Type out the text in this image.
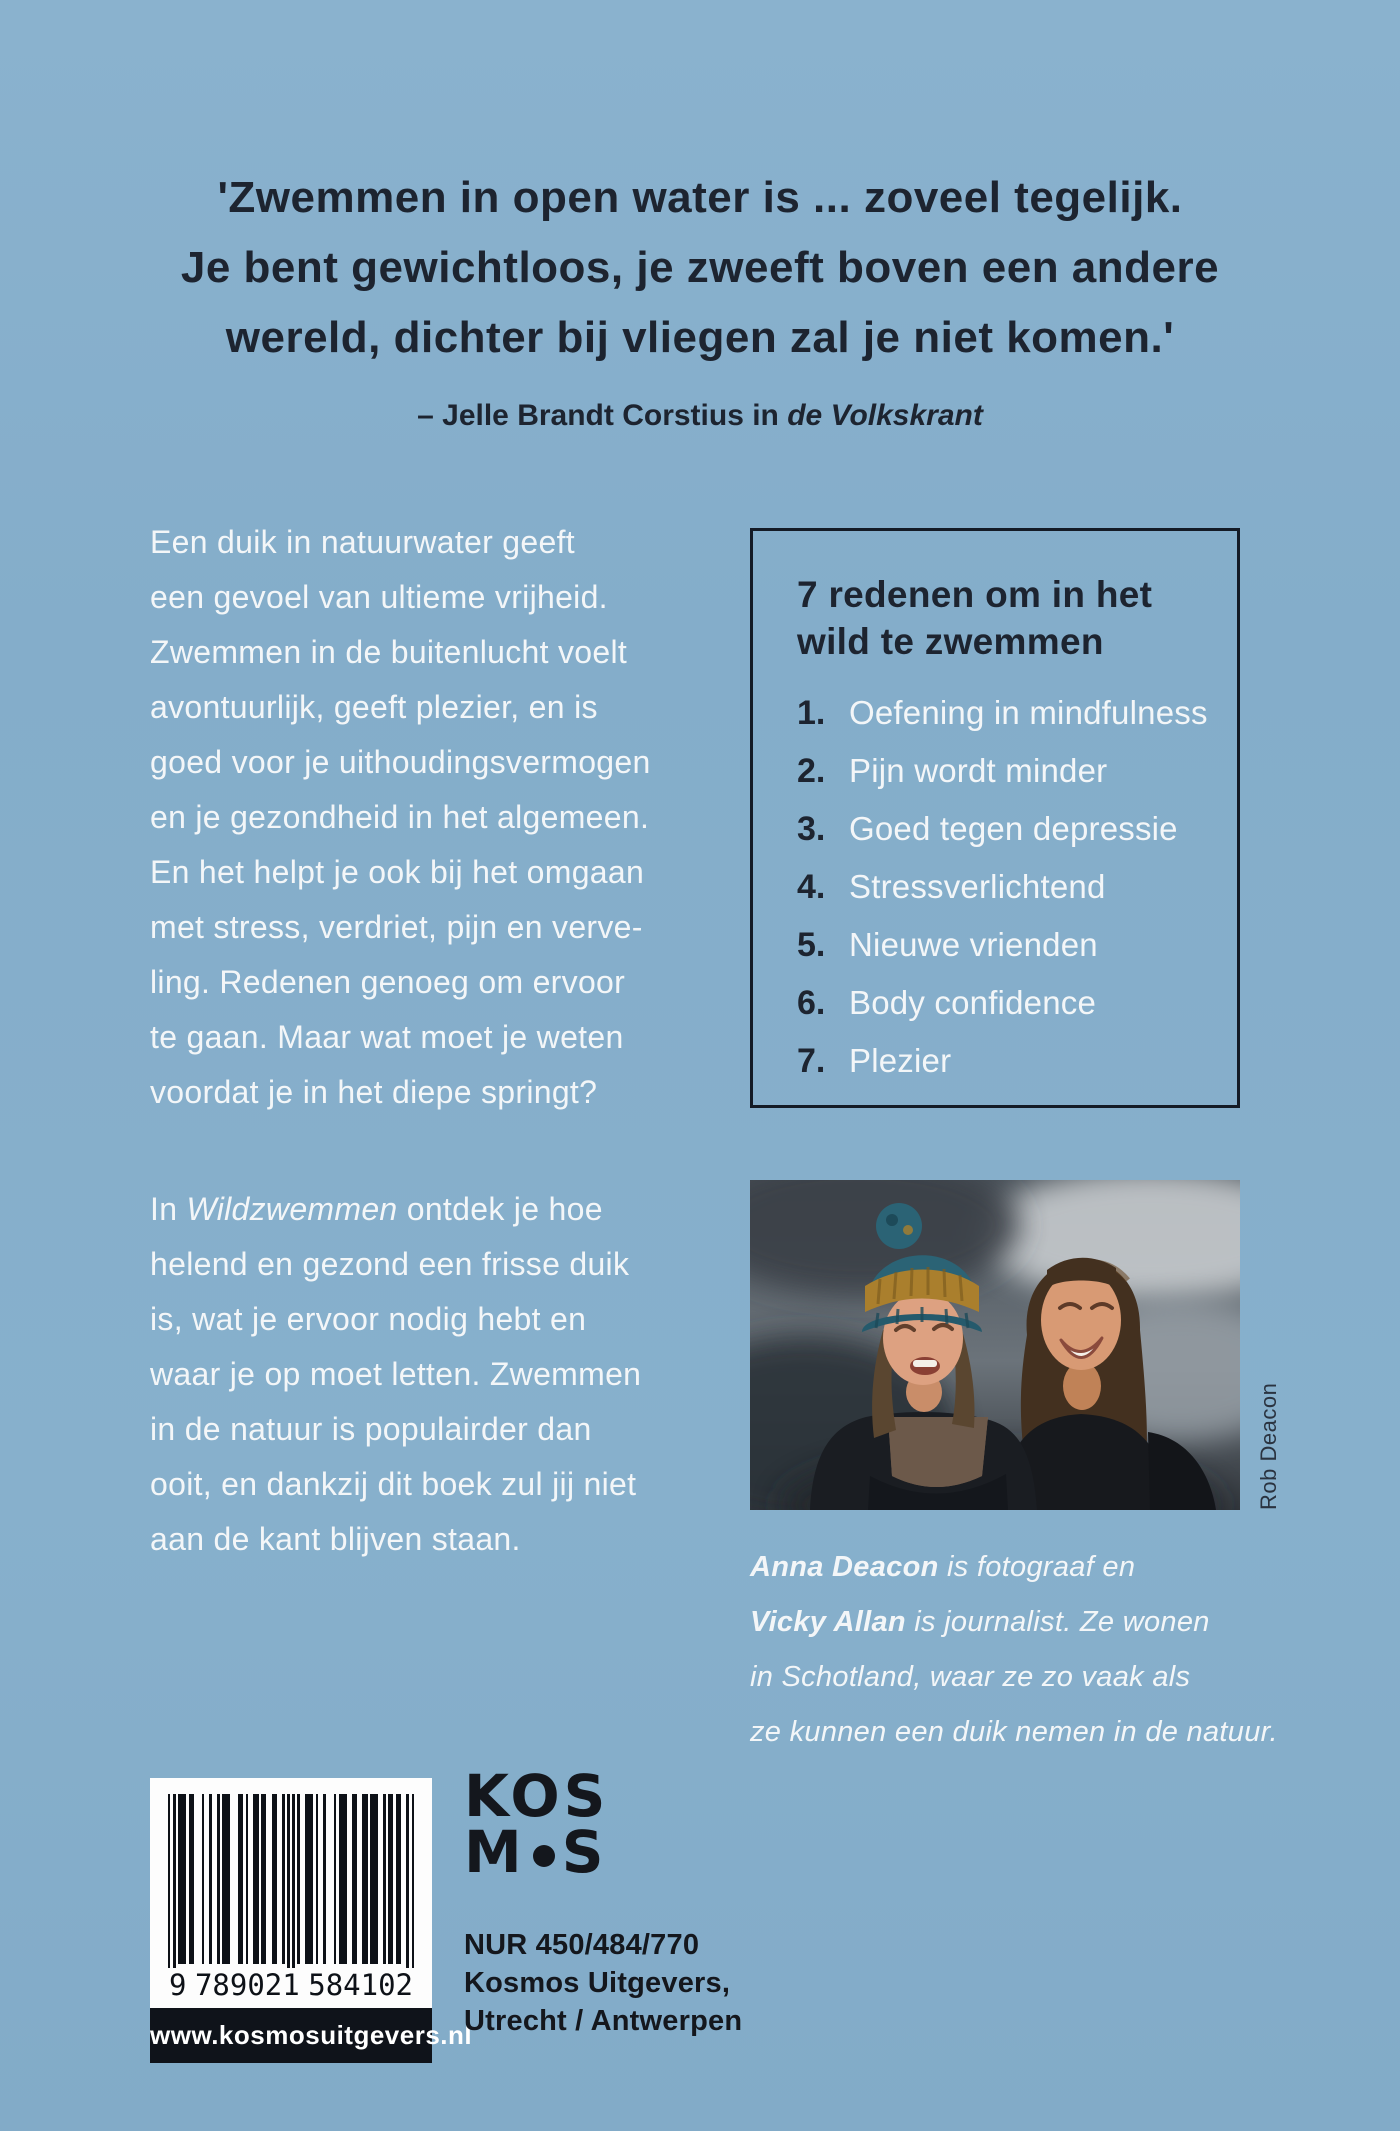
'Zwemmen in open water is ... zoveel tegelijk.
Je bent gewichtloos, je zweeft boven een andere
wereld, dichter bij vliegen zal je niet komen.'
– Jelle Brandt Corstius in de Volkskrant
Een duik in natuurwater geeft
een gevoel van ultieme vrijheid.
Zwemmen in de buitenlucht voelt
avontuurlijk, geeft plezier, en is
goed voor je uithoudingsvermogen
en je gezondheid in het algemeen.
En het helpt je ook bij het omgaan
met stress, verdriet, pijn en verve-
ling. Redenen genoeg om ervoor
te gaan. Maar wat moet je weten
voordat je in het diepe springt?
In Wildzwemmen ontdek je hoe
helend en gezond een frisse duik
is, wat je ervoor nodig hebt en
waar je op moet letten. Zwemmen
in de natuur is populairder dan
ooit, en dankzij dit boek zul jij niet
aan de kant blijven staan.
7 redenen om in het
wild te zwemmen
1. Oefening in mindfulness
2. Pijn wordt minder
3. Goed tegen depressie
4. Stressverlichtend
5. Nieuwe vrienden
6. Body confidence
7. Plezier
Rob Deacon
Anna Deacon is fotograaf en
Vicky Allan is journalist. Ze wonen
in Schotland, waar ze zo vaak als
ze kunnen een duik nemen in de natuur.
9 789021 584102
www.kosmosuitgevers.nl
KOS
M S
NUR 450/484/770
Kosmos Uitgevers,
Utrecht / Antwerpen
